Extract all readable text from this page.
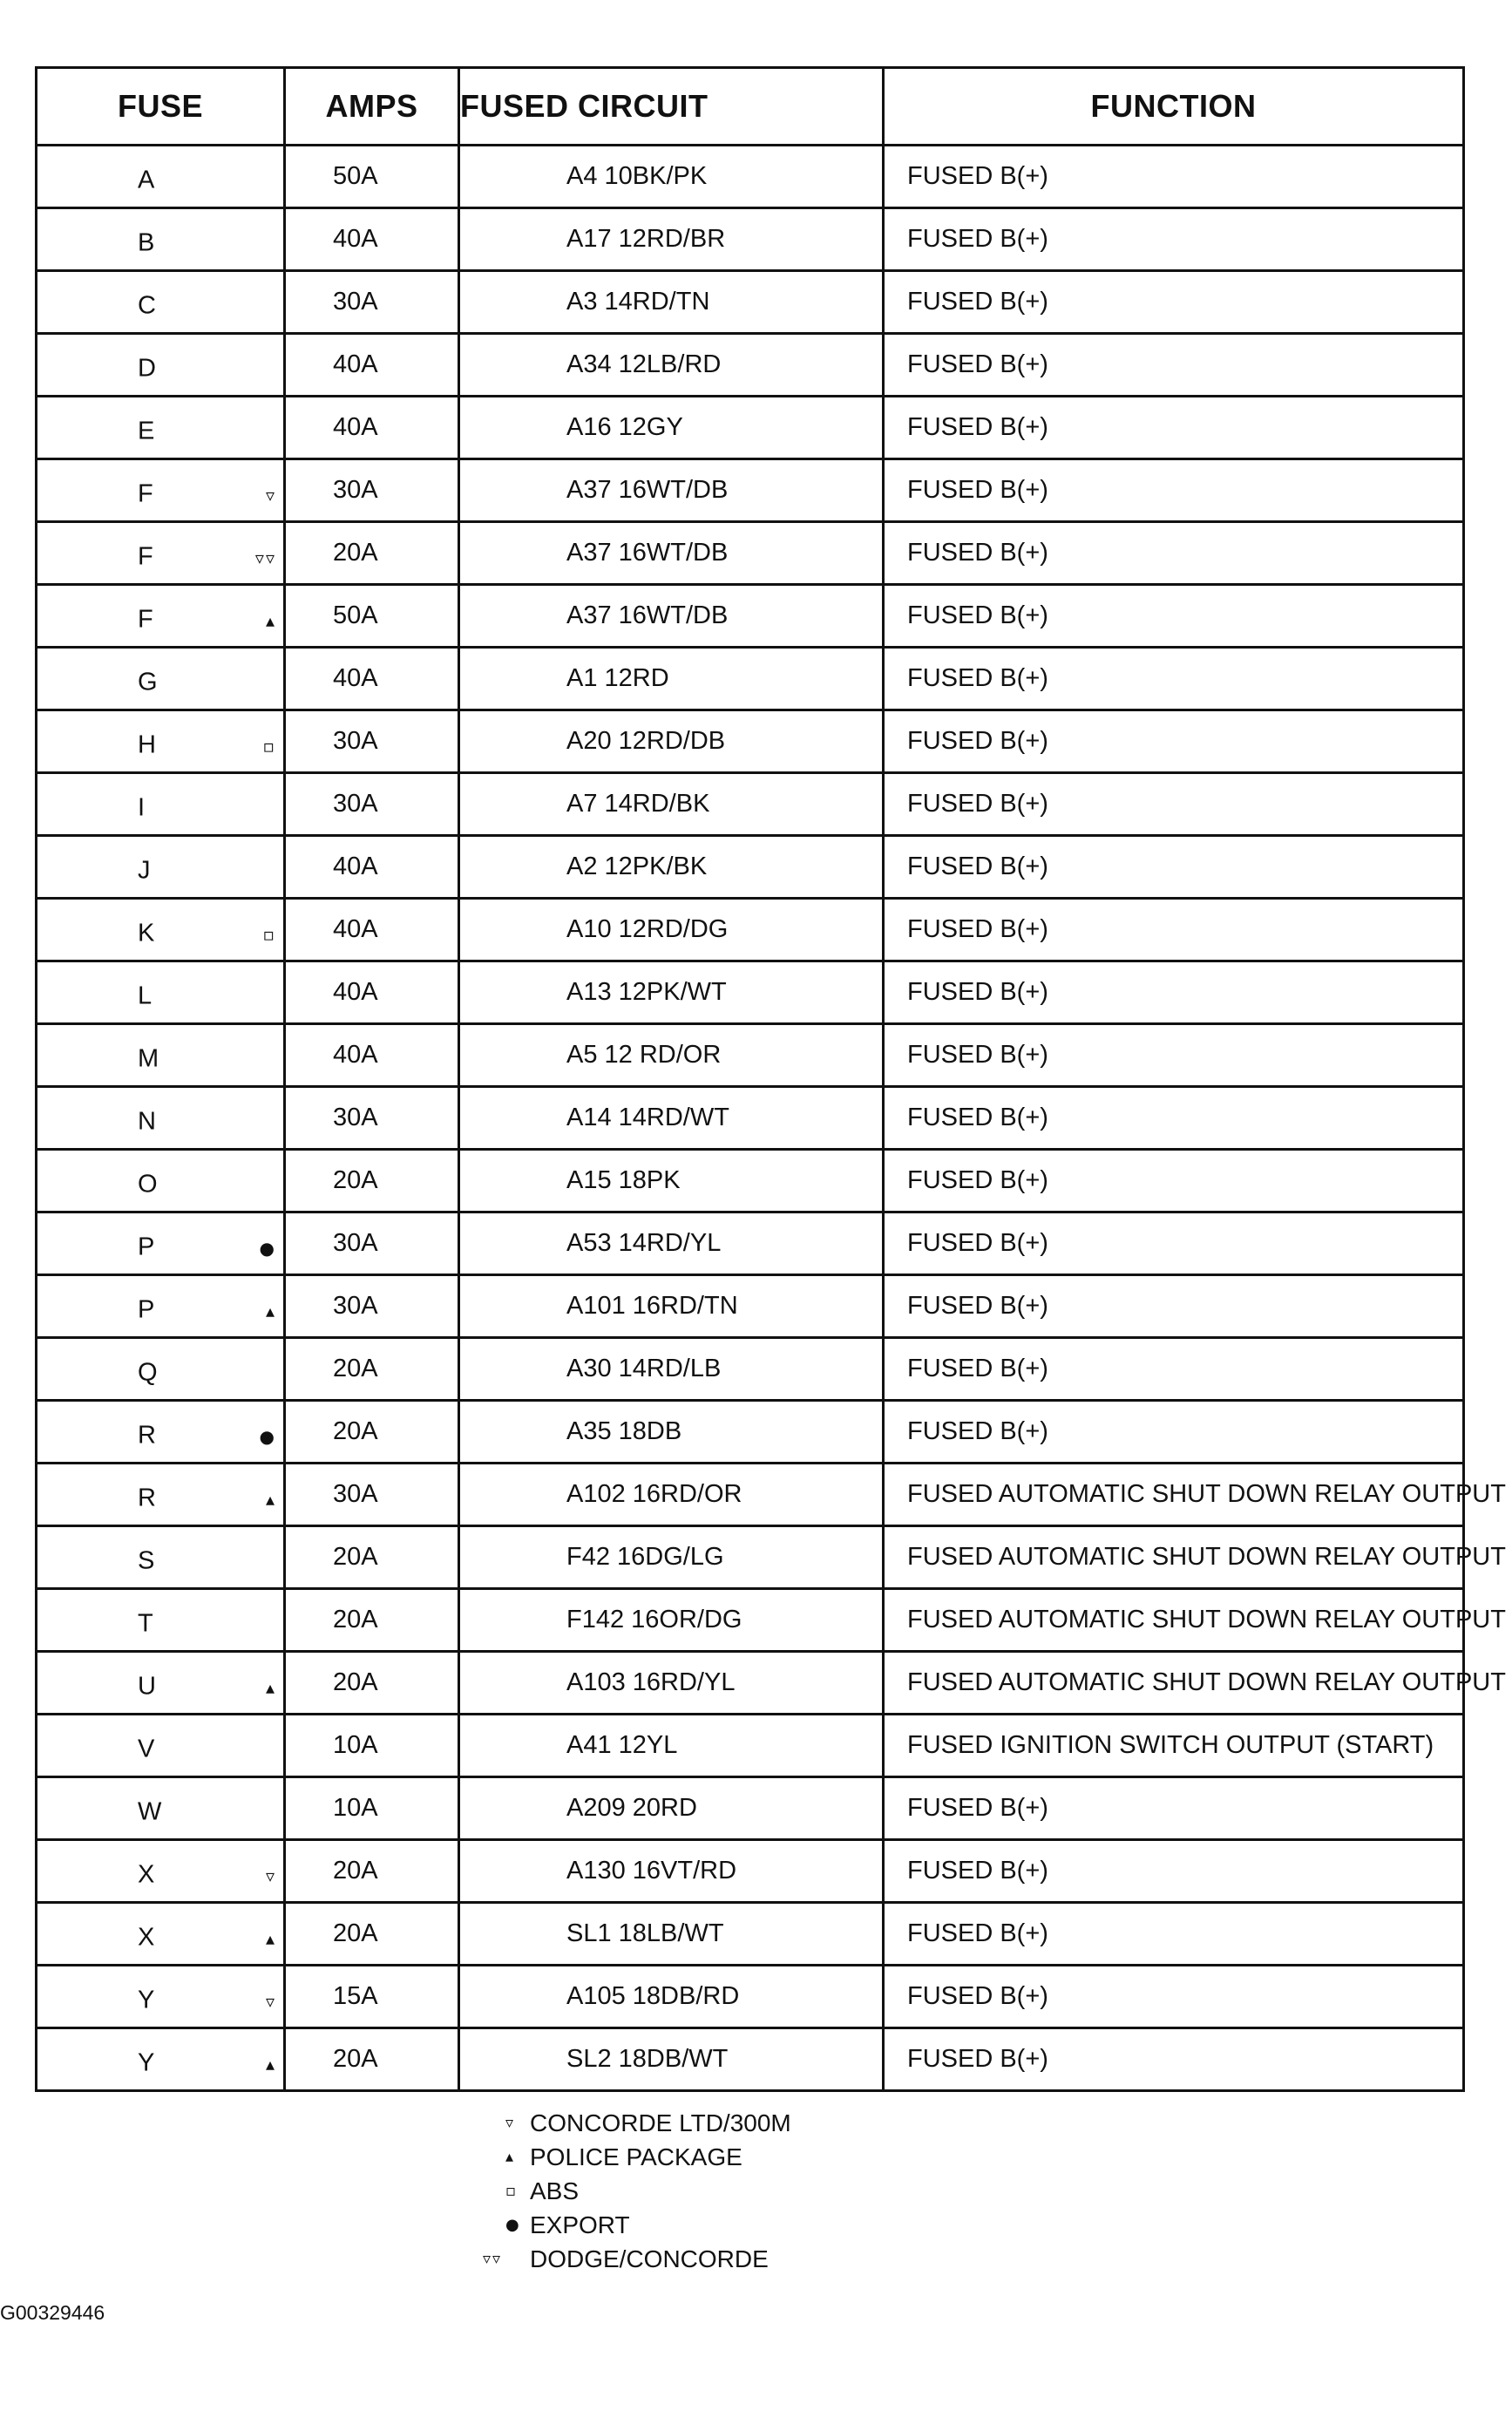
FUSE	AMPS	FUSED CIRCUIT	FUNCTION

A	50A	A4 10BK/PK	FUSED B(+)

B	40A	A17 12RD/BR	FUSED B(+)

C	30A	A3 14RD/TN	FUSED B(+)

D	40A	A34 12LB/RD	FUSED B(+)

E	40A	A16 12GY	FUSED B(+)

F ▿	30A	A37 16WT/DB	FUSED B(+)

F ▿▿	20A	A37 16WT/DB	FUSED B(+)

F ▴	50A	A37 16WT/DB	FUSED B(+)

G	40A	A1 12RD	FUSED B(+)

H ▫	30A	A20 12RD/DB	FUSED B(+)

I	30A	A7 14RD/BK	FUSED B(+)

J	40A	A2 12PK/BK	FUSED B(+)

K ▫	40A	A10 12RD/DG	FUSED B(+)

L	40A	A13 12PK/WT	FUSED B(+)

M	40A	A5 12 RD/OR	FUSED B(+)

N	30A	A14 14RD/WT	FUSED B(+)

O	20A	A15 18PK	FUSED B(+)

P ●	30A	A53 14RD/YL	FUSED B(+)

P ▴	30A	A101 16RD/TN	FUSED B(+)

Q	20A	A30 14RD/LB	FUSED B(+)

R ●	20A	A35 18DB	FUSED B(+)

R ▴	30A	A102 16RD/OR	FUSED AUTOMATIC SHUT DOWN RELAY OUTPUT

S	20A	F42 16DG/LG	FUSED AUTOMATIC SHUT DOWN RELAY OUTPUT

T	20A	F142 16OR/DG	FUSED AUTOMATIC SHUT DOWN RELAY OUTPUT

U ▴	20A	A103 16RD/YL	FUSED AUTOMATIC SHUT DOWN RELAY OUTPUT

V	10A	A41 12YL	FUSED IGNITION SWITCH OUTPUT (START)

W	10A	A209 20RD	FUSED B(+)

X ▿	20A	A130 16VT/RD	FUSED B(+)

X ▴	20A	SL1 18LB/WT	FUSED B(+)

Y ▿	15A	A105 18DB/RD	FUSED B(+)

Y ▴	20A	SL2 18DB/WT	FUSED B(+)
▿ CONCORDE LTD/300M
▴ POLICE PACKAGE
▫ ABS
● EXPORT
▿▿ DODGE/CONCORDE
G00329446
